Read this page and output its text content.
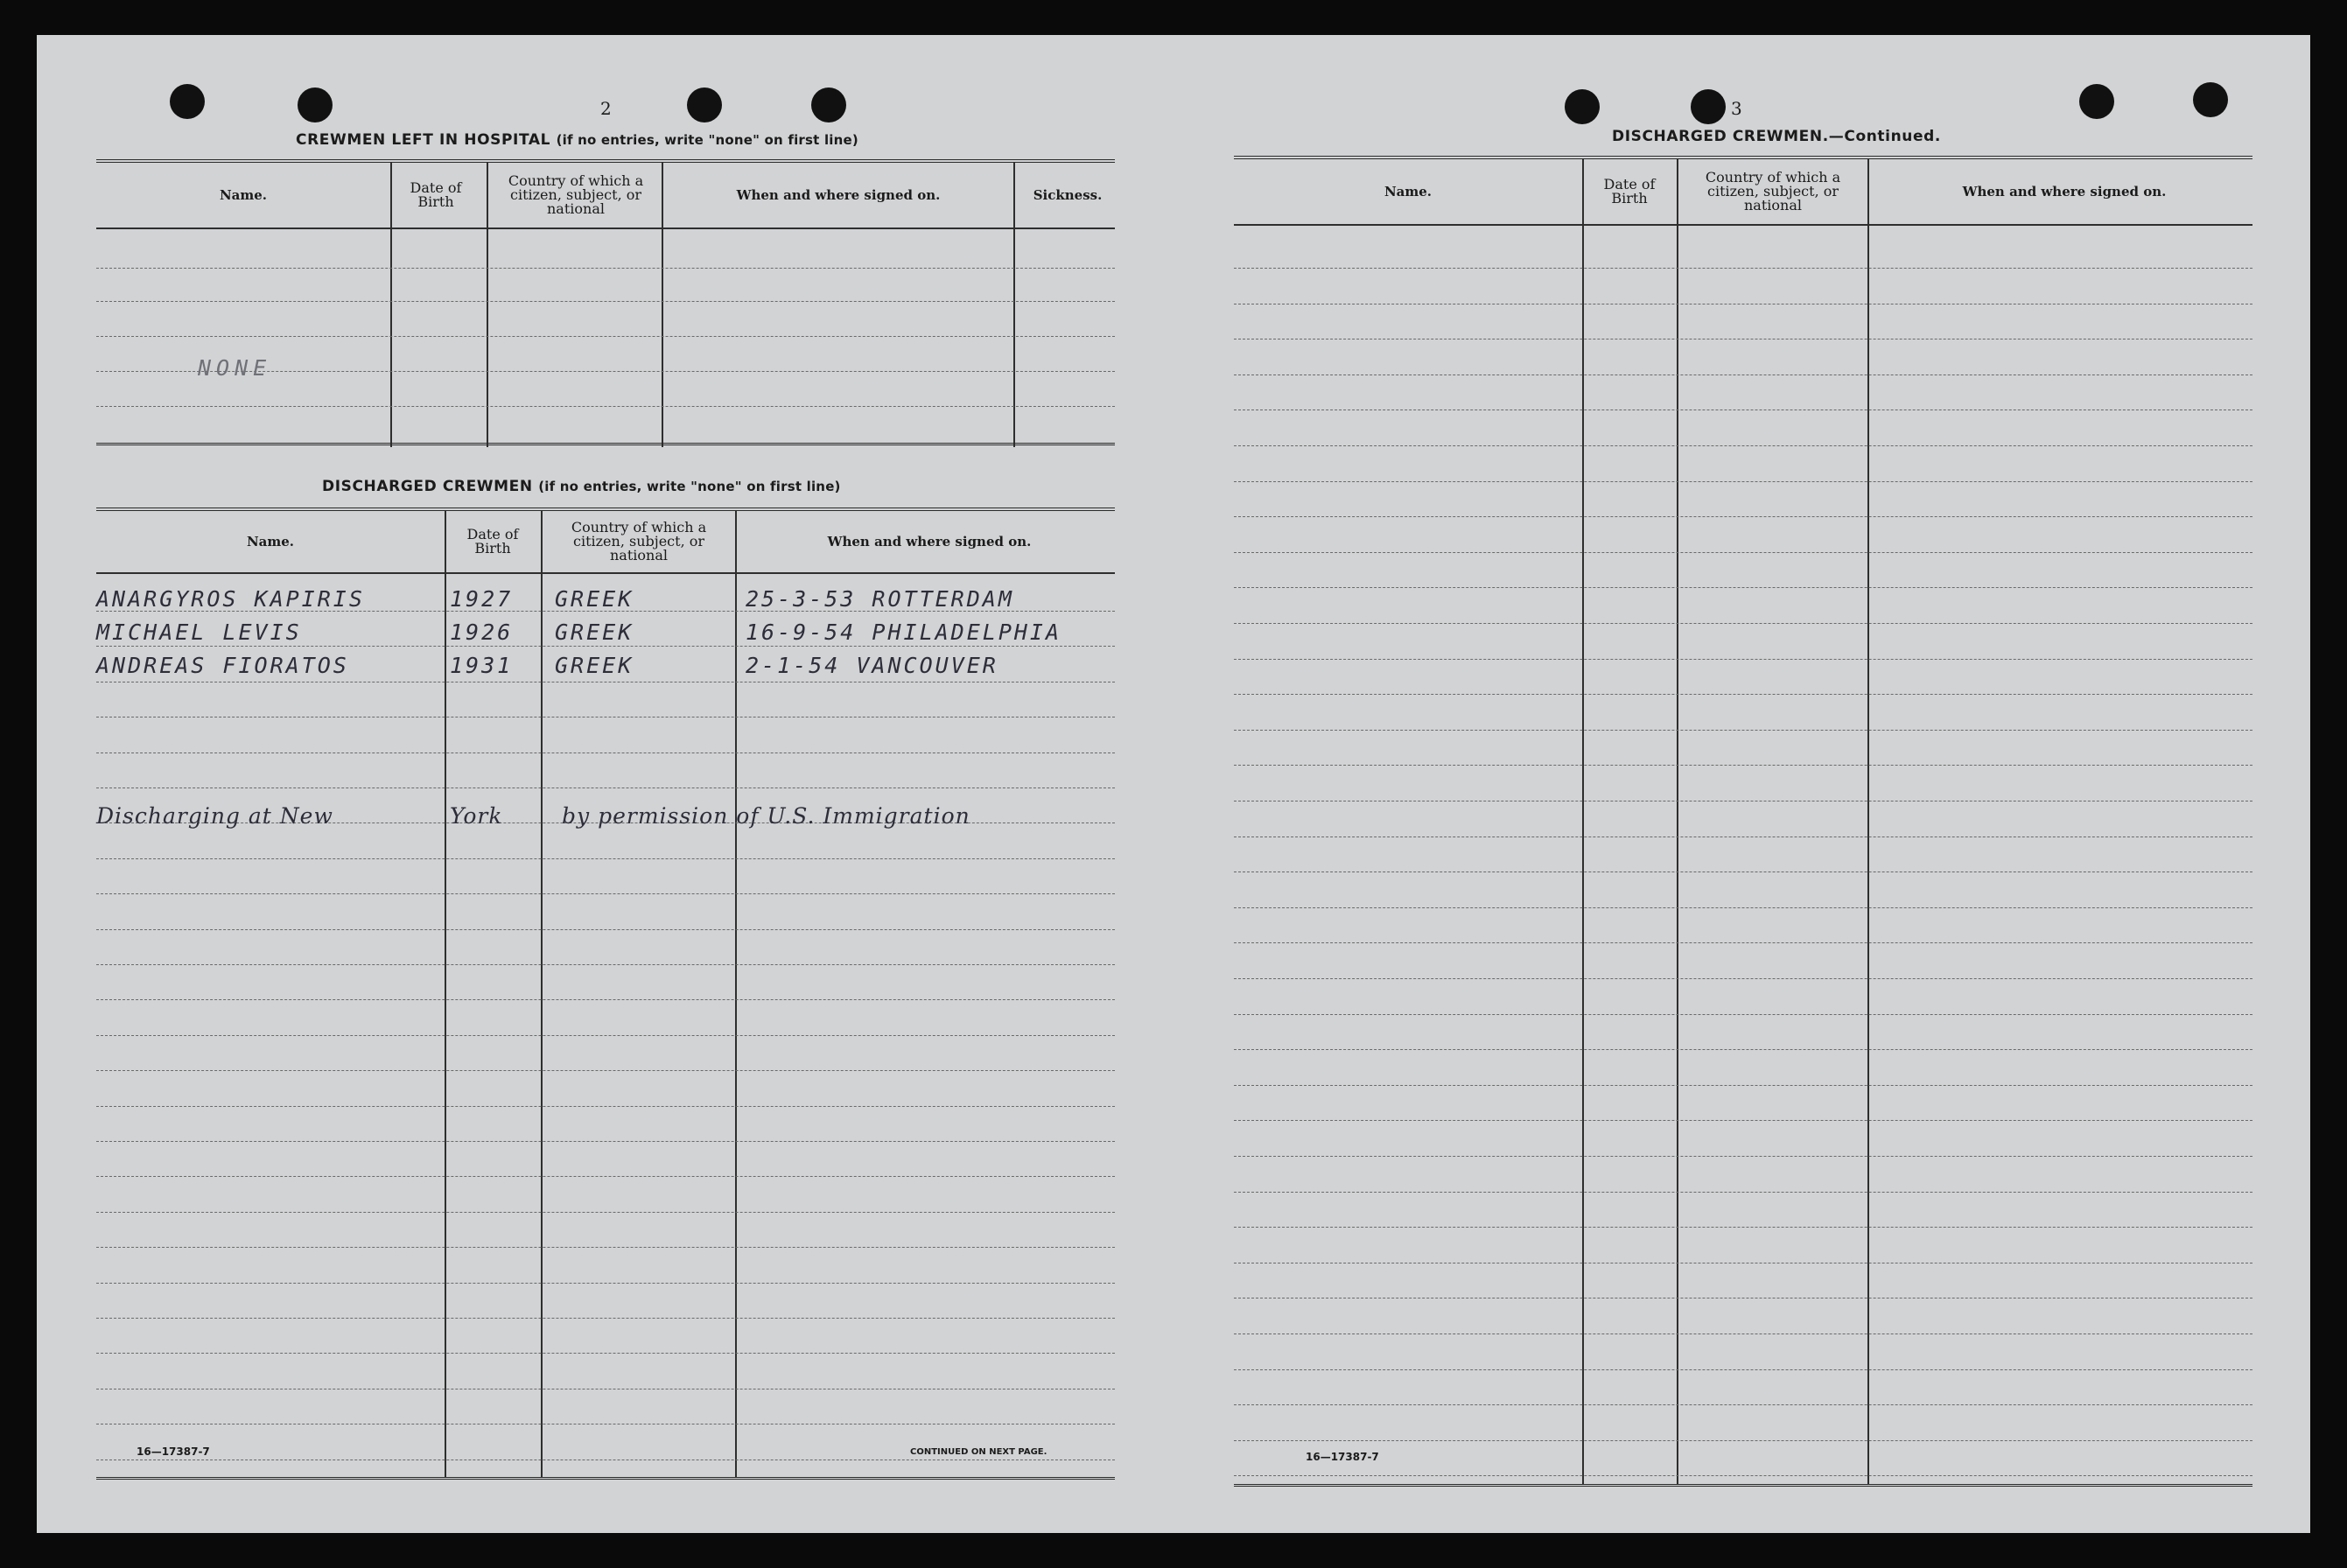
2
CREWMEN LEFT IN HOSPITAL (if no entries, write "none" on first line)
Name.	Date of Birth
Country of which a citizen, subject, or national
When and where signed on.	Sickness.
NONE
DISCHARGED CREWMEN (if no entries, write "none" on first line)
Name.	Date of Birth
Country of which a citizen, subject, or national
When and where signed on.
ANARGYROS KAPIRIS	1927 GREEK	25-3-53 ROTTERDAM
MICHAEL LEVIS	1926 GREEK	16-9-54 PHILADELPHIA
ANDREAS FIORATOS	1931 GREEK	2-1-54 VANCOUVER
Discharging at New	York	by permission of U.S. Immigration
16—17387-7	CONTINUED ON NEXT PAGE.
3
DISCHARGED CREWMEN.—Continued.
Name.	Date of Birth
Country of which a citizen, subject, or national
When and where signed on.
16—17387-7
